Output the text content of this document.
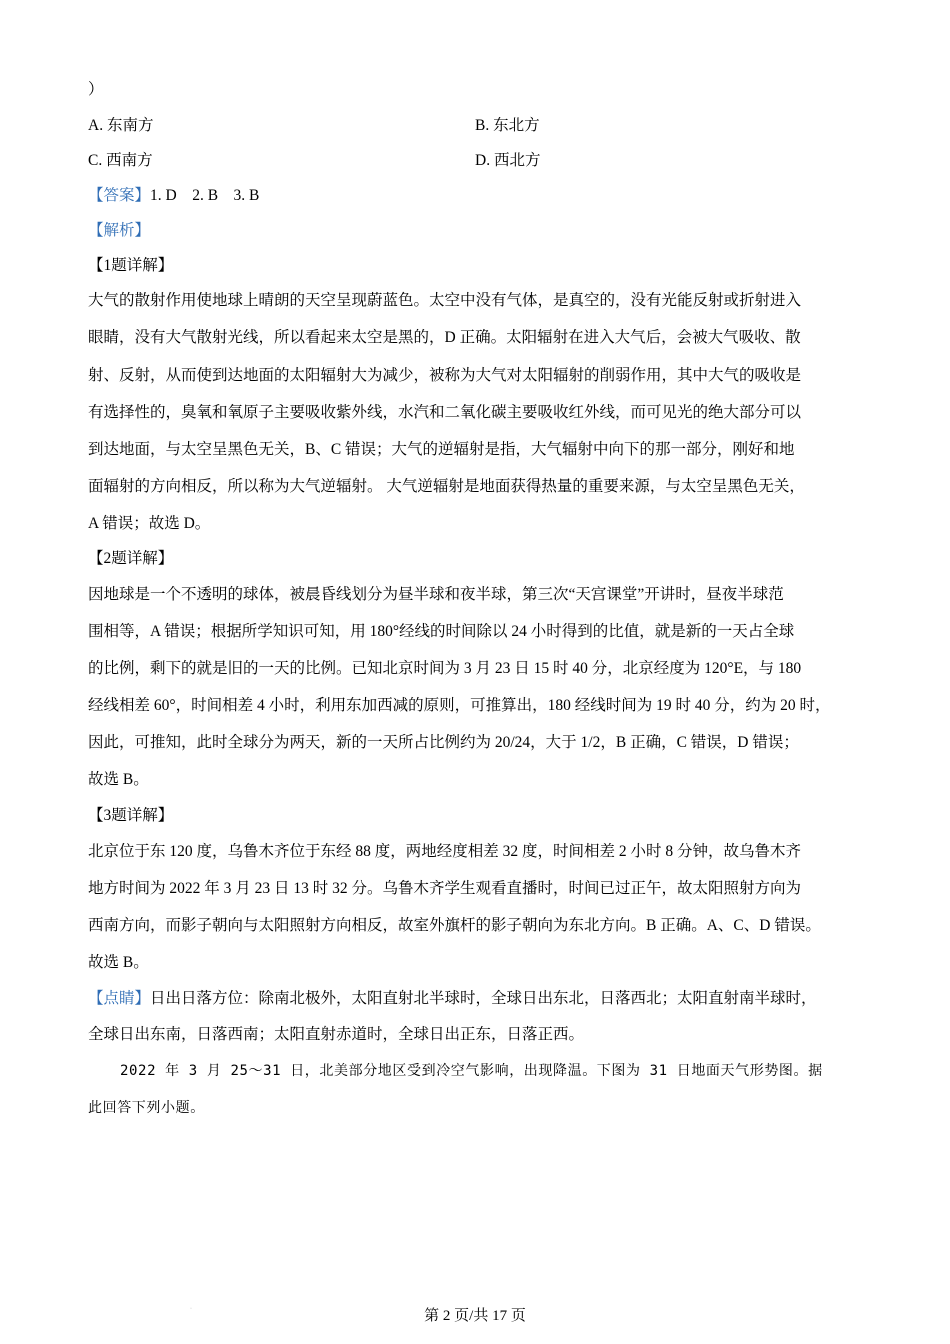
）
A. 东南方	B. 东北方
C. 西南方	D. 西北方
【答案】1. D    2. B    3. B
【解析】
【1题详解】
大气的散射作用使地球上晴朗的天空呈现蔚蓝色。太空中没有气体，是真空的，没有光能反射或折射进入
眼睛，没有大气散射光线，所以看起来太空是黑的，D 正确。太阳辐射在进入大气后，会被大气吸收、散
射、反射，从而使到达地面的太阳辐射大为减少，被称为大气对太阳辐射的削弱作用，其中大气的吸收是
有选择性的，臭氧和氧原子主要吸收紫外线，水汽和二氧化碳主要吸收红外线，而可见光的绝大部分可以
到达地面，与太空呈黑色无关，B、C 错误；大气的逆辐射是指，大气辐射中向下的那一部分，刚好和地
面辐射的方向相反，所以称为大气逆辐射。 大气逆辐射是地面获得热量的重要来源，与太空呈黑色无关，
A 错误；故选 D。
【2题详解】
因地球是一个不透明的球体，被晨昏线划分为昼半球和夜半球，第三次“天宫课堂”开讲时，昼夜半球范
围相等，A 错误；根据所学知识可知，用 180°经线的时间除以 24 小时得到的比值，就是新的一天占全球
的比例，剩下的就是旧的一天的比例。已知北京时间为 3 月 23 日 15 时 40 分，北京经度为 120°E，与 180
经线相差 60°，时间相差 4 小时，利用东加西减的原则，可推算出，180 经线时间为 19 时 40 分，约为 20 时，
因此，可推知，此时全球分为两天，新的一天所占比例约为 20/24，大于 1/2，B 正确，C 错误，D 错误；
故选 B。
【3题详解】
北京位于东 120 度，乌鲁木齐位于东经 88 度，两地经度相差 32 度，时间相差 2 小时 8 分钟，故乌鲁木齐
地方时间为 2022 年 3 月 23 日 13 时 32 分。乌鲁木齐学生观看直播时，时间已过正午，故太阳照射方向为
西南方向，而影子朝向与太阳照射方向相反，故室外旗杆的影子朝向为东北方向。B 正确。A、C、D 错误。
故选 B。
【点睛】日出日落方位：除南北极外，太阳直射北半球时，全球日出东北，日落西北；太阳直射南半球时，
全球日出东南，日落西南；太阳直射赤道时，全球日出正东，日落正西。
2022 年 3 月 25～31 日，北美部分地区受到冷空气影响，出现降温。下图为 31 日地面天气形势图。据
此回答下列小题。
·	第 2 页/共 17 页
